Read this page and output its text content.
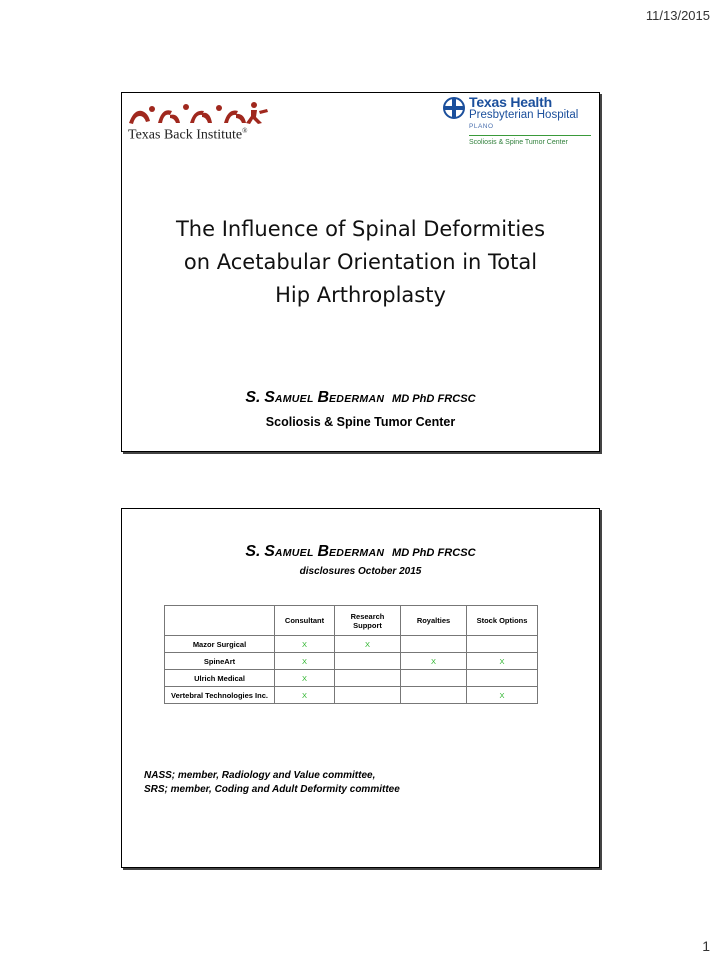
11/13/2015
Texas Back Institute®
Texas Health
Presbyterian Hospital
PLANO
Scoliosis & Spine Tumor Center
The Influence of Spinal Deformities
on Acetabular Orientation in Total
Hip Arthroplasty
S. SAMUEL BEDERMAN MD PhD FRCSC
Scoliosis & Spine Tumor Center
S. SAMUEL BEDERMAN MD PhD FRCSC
disclosures October 2015
	Consultant	Research Support	Royalties	Stock Options
Mazor Surgical	X	X		
SpineArt	X		X	X
Ulrich Medical	X			
Vertebral Technologies Inc.	X			X
NASS; member, Radiology and Value committee,
SRS; member, Coding and Adult Deformity committee
1
